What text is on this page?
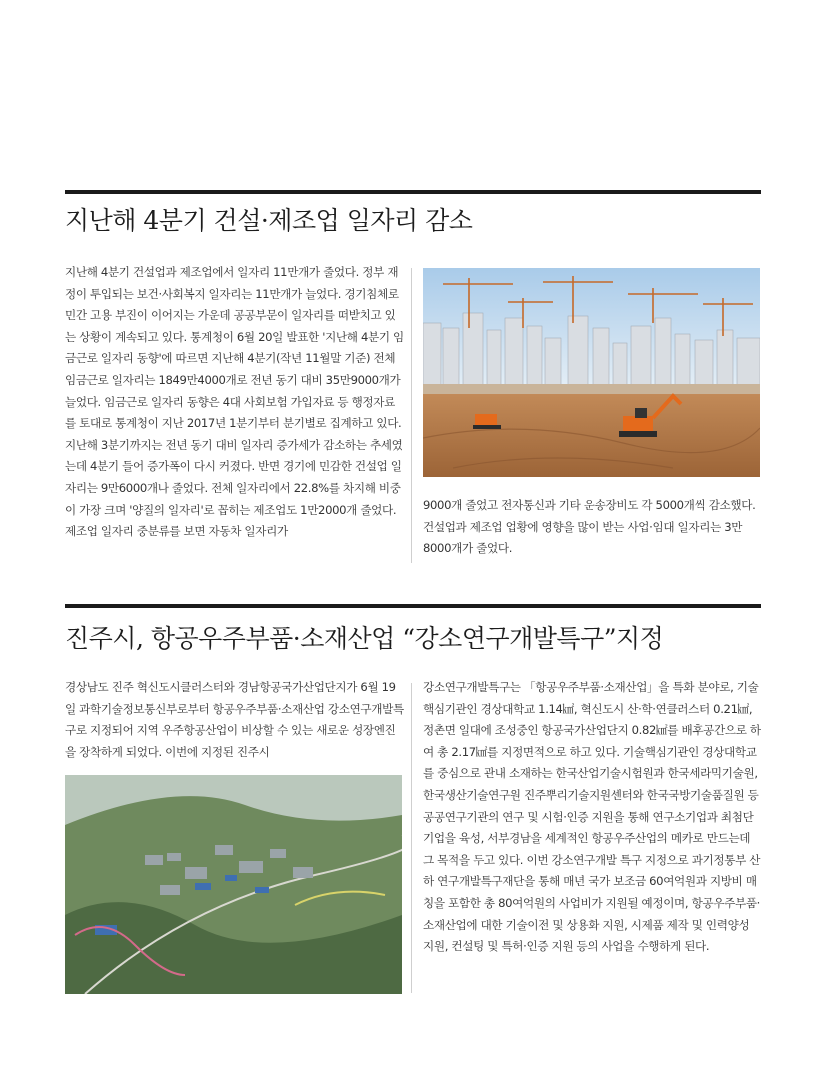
지난해 4분기 건설·제조업 일자리 감소

지난해 4분기 건설업과 제조업에서 일자리 11만개가 줄었다. 정부 재정이 투입되는 보건·사회복지 일자리는 11만개가 늘었다. 경기침체로 민간 고용 부진이 이어지는 가운데 공공부문이 일자리를 떠받치고 있는 상황이 계속되고 있다. 통계청이 6월 20일 발표한 '지난해 4분기 임금근로 일자리 동향'에 따르면 지난해 4분기(작년 11월말 기준) 전체 임금근로 일자리는 1849만4000개로 전년 동기 대비 35만9000개가 늘었다. 임금근로 일자리 동향은 4대 사회보험 가입자료 등 행정자료를 토대로 통계청이 지난 2017년 1분기부터 분기별로 집계하고 있다. 지난해 3분기까지는 전년 동기 대비 일자리 증가세가 감소하는 추세였는데 4분기 들어 증가폭이 다시 커졌다. 반면 경기에 민감한 건설업 일자리는 9만6000개나 줄었다. 전체 일자리에서 22.8%를 차지해 비중이 가장 크며 '양질의 일자리'로 꼽히는 제조업도 1만2000개 줄었다. 제조업 일자리 중분류를 보면 자동차 일자리가

9000개 줄었고 전자통신과 기타 운송장비도 각 5000개씩 감소했다. 건설업과 제조업 업황에 영향을 많이 받는 사업·임대 일자리는 3만8000개가 줄었다.

진주시, 항공우주부품·소재산업 “강소연구개발특구”지정

경상남도 진주 혁신도시클러스터와 경남항공국가산업단지가 6월 19일 과학기술정보통신부로부터 항공우주부품·소재산업 강소연구개발특구로 지정되어 지역 우주항공산업이 비상할 수 있는 새로운 성장엔진을 장착하게 되었다. 이번에 지정된 진주시

강소연구개발특구는 「항공우주부품·소재산업」을 특화 분야로, 기술핵심기관인 경상대학교 1.14㎢, 혁신도시 산·학·연클러스터 0.21㎢, 정촌면 일대에 조성중인 항공국가산업단지 0.82㎢를 배후공간으로 하여 총 2.17㎢를 지정면적으로 하고 있다. 기술핵심기관인 경상대학교를 중심으로 관내 소재하는 한국산업기술시험원과 한국세라믹기술원, 한국생산기술연구원 진주뿌리기술지원센터와 한국국방기술품질원 등 공공연구기관의 연구 및 시험·인증 지원을 통해 연구소기업과 최첨단 기업을 육성, 서부경남을 세계적인 항공우주산업의 메카로 만드는데 그 목적을 두고 있다. 이번 강소연구개발 특구 지정으로 과기정통부 산하 연구개발특구재단을 통해 매년 국가 보조금 60여억원과 지방비 매칭을 포함한 총 80여억원의 사업비가 지원될 예정이며, 항공우주부품·소재산업에 대한 기술이전 및 상용화 지원, 시제품 제작 및 인력양성 지원, 컨설팅 및 특허·인증 지원 등의 사업을 수행하게 된다.
